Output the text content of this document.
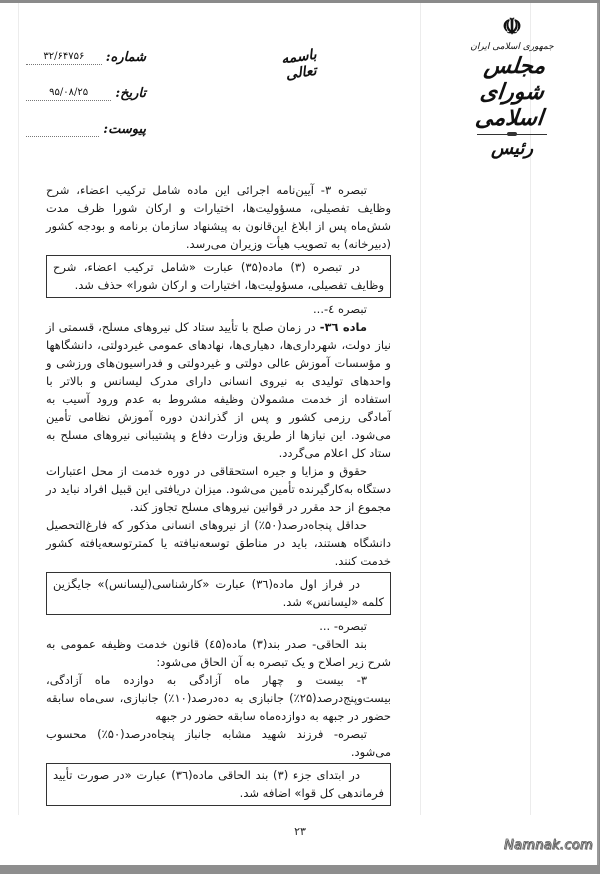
☫
جمهوری اسلامی ایران
مجلس شورای اسلامی
رئیس
باسمه تعالی
شماره:
۳۲/۶۴۷۵۶
تاریخ:
۹۵/۰۸/۲۵
پیوست:

تبصره ۳- آیین‌نامه اجرائی این ماده شامل ترکیب اعضاء، شرح وظایف تفصیلی، مسؤولیت‌ها، اختیارات و ارکان شورا ظرف مدت شش‌ماه پس از ابلاغ این‌قانون به پیشنهاد سازمان برنامه و بودجه کشور (دبیرخانه) به تصویب هیأت وزیران می‌رسد.

در تبصره (۳) ماده(۳۵) عبارت «شامل ترکیب اعضاء، شرح وظایف تفصیلی، مسؤولیت‌ها، اختیارات و ارکان شورا» حذف شد.

تبصره ٤-...

ماده ۳٦- در زمان صلح با تأیید ستاد کل نیروهای مسلح، قسمتی از نیاز دولت، شهرداری‌ها، دهیاری‌ها، نهادهای عمومی غیردولتی، دانشگاهها و مؤسسات آموزش عالی دولتی و غیردولتی و فدراسیون‌های ورزشی و واحدهای تولیدی به نیروی انسانی دارای مدرک لیسانس و بالاتر با استفاده از خدمت مشمولان وظیفه مشروط به عدم ورود آسیب به آمادگی رزمی کشور و پس از گذراندن دوره آموزش نظامی تأمین می‌شود. این نیازها از طریق وزارت دفاع و پشتیبانی نیروهای مسلح به ستاد کل اعلام می‌گردد.

حقوق و مزایا و جیره استحقاقی در دوره خدمت از محل اعتبارات دستگاه به‌کارگیرنده تأمین می‌شود. میزان دریافتی این قبیل افراد نباید در مجموع از حد مقرر در قوانین نیروهای مسلح تجاوز کند.

حداقل پنجاه‌درصد(۵۰٪) از نیروهای انسانی مذکور که فارغ‌التحصیل دانشگاه هستند، باید در مناطق توسعه‌نیافته یا کمترتوسعه‌یافته کشور خدمت کنند.

در فراز اول ماده(۳٦) عبارت «کارشناسی(لیسانس)» جایگزین کلمه «لیسانس» شد.

تبصره- ...

بند الحاقی- صدر بند(۳) ماده(٤۵) قانون خدمت وظیفه عمومی به شرح زیر اصلاح و یک تبصره به آن الحاق می‌شود:

۳- بیست و چهار ماه آزادگی به دوازده ماه آزادگی، بیست‌وپنج‌درصد(۲۵٪) جانبازی به ده‌درصد(۱۰٪) جانبازی، سی‌ماه سابقه حضور در جبهه به دوازده‌ماه سابقه حضور در جبهه

تبصره- فرزند شهید مشابه جانباز پنجاه‌درصد(۵۰٪) محسوب می‌شود.

در ابتدای جزء (۳) بند الحاقی ماده(۳٦) عبارت «در صورت تأیید فرماندهی کل قوا» اضافه شد.

۲۳
Namnak.com
